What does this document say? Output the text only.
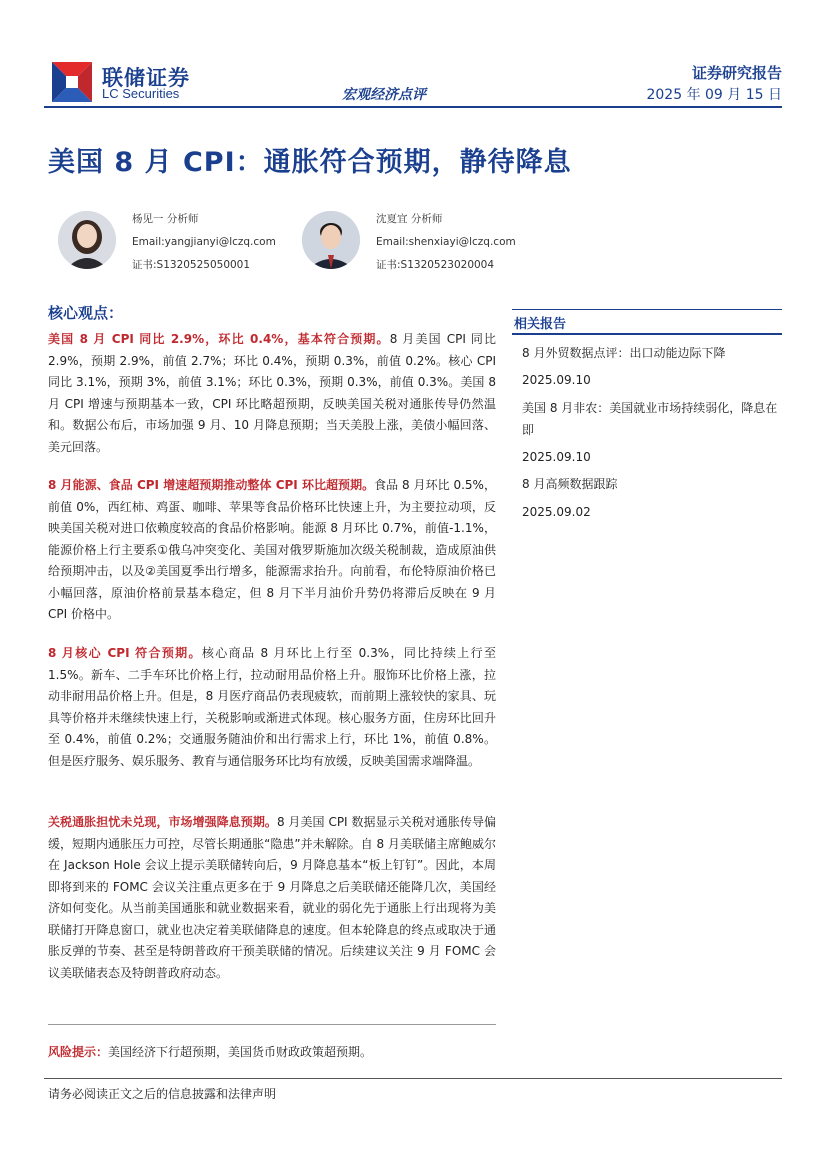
联储证券
LC Securities	宏观经济点评
证券研究报告
2025 年 09 月 15 日
美国 8 月 CPI：通胀符合预期，静待降息
杨见一 分析师
Email:yangjianyi@lczq.com
证书:S1320525050001
沈夏宜 分析师
Email:shenxiayi@lczq.com
证书:S1320523020004
核心观点：
美国 8 月 CPI 同比 2.9%，环比 0.4%，基本符合预期。8 月美国 CPI 同比 2.9%，预期 2.9%，前值 2.7%；环比 0.4%，预期 0.3%，前值 0.2%。核心 CPI 同比 3.1%，预期 3%，前值 3.1%；环比 0.3%，预期 0.3%，前值 0.3%。美国 8 月 CPI 增速与预期基本一致，CPI 环比略超预期，反映美国关税对通胀传导仍然温和。数据公布后，市场加强 9 月、10 月降息预期；当天美股上涨，美债小幅回落、美元回落。
8 月能源、食品 CPI 增速超预期推动整体 CPI 环比超预期。食品 8 月环比 0.5%，前值 0%，西红柿、鸡蛋、咖啡、苹果等食品价格环比快速上升，为主要拉动项，反映美国关税对进口依赖度较高的食品价格影响。能源 8 月环比 0.7%，前值-1.1%，能源价格上行主要系①俄乌冲突变化、美国对俄罗斯施加次级关税制裁，造成原油供给预期冲击，以及②美国夏季出行增多，能源需求抬升。向前看，布伦特原油价格已小幅回落，原油价格前景基本稳定，但 8 月下半月油价升势仍将滞后反映在 9 月 CPI 价格中。
8 月核心 CPI 符合预期。核心商品 8 月环比上行至 0.3%，同比持续上行至 1.5%。新车、二手车环比价格上行，拉动耐用品价格上升。服饰环比价格上涨，拉动非耐用品价格上升。但是，8 月医疗商品仍表现疲软，而前期上涨较快的家具、玩具等价格并未继续快速上行，关税影响或渐进式体现。核心服务方面，住房环比回升至 0.4%，前值 0.2%；交通服务随油价和出行需求上行，环比 1%，前值 0.8%。但是医疗服务、娱乐服务、教育与通信服务环比均有放缓，反映美国需求端降温。
关税通胀担忧未兑现，市场增强降息预期。8 月美国 CPI 数据显示关税对通胀传导偏缓，短期内通胀压力可控，尽管长期通胀“隐患”并未解除。自 8 月美联储主席鲍威尔在 Jackson Hole 会议上提示美联储转向后，9 月降息基本“板上钉钉”。因此，本周即将到来的 FOMC 会议关注重点更多在于 9 月降息之后美联储还能降几次，美国经济如何变化。从当前美国通胀和就业数据来看，就业的弱化先于通胀上行出现将为美联储打开降息窗口，就业也决定着美联储降息的速度。但本轮降息的终点或取决于通胀反弹的节奏、甚至是特朗普政府干预美联储的情况。后续建议关注 9 月 FOMC 会议美联储表态及特朗普政府动态。
风险提示：美国经济下行超预期，美国货币财政政策超预期。
相关报告
8 月外贸数据点评：出口动能边际下降
2025.09.10
美国 8 月非农：美国就业市场持续弱化，降息在即
2025.09.10
8 月高频数据跟踪
2025.09.02
请务必阅读正文之后的信息披露和法律声明
